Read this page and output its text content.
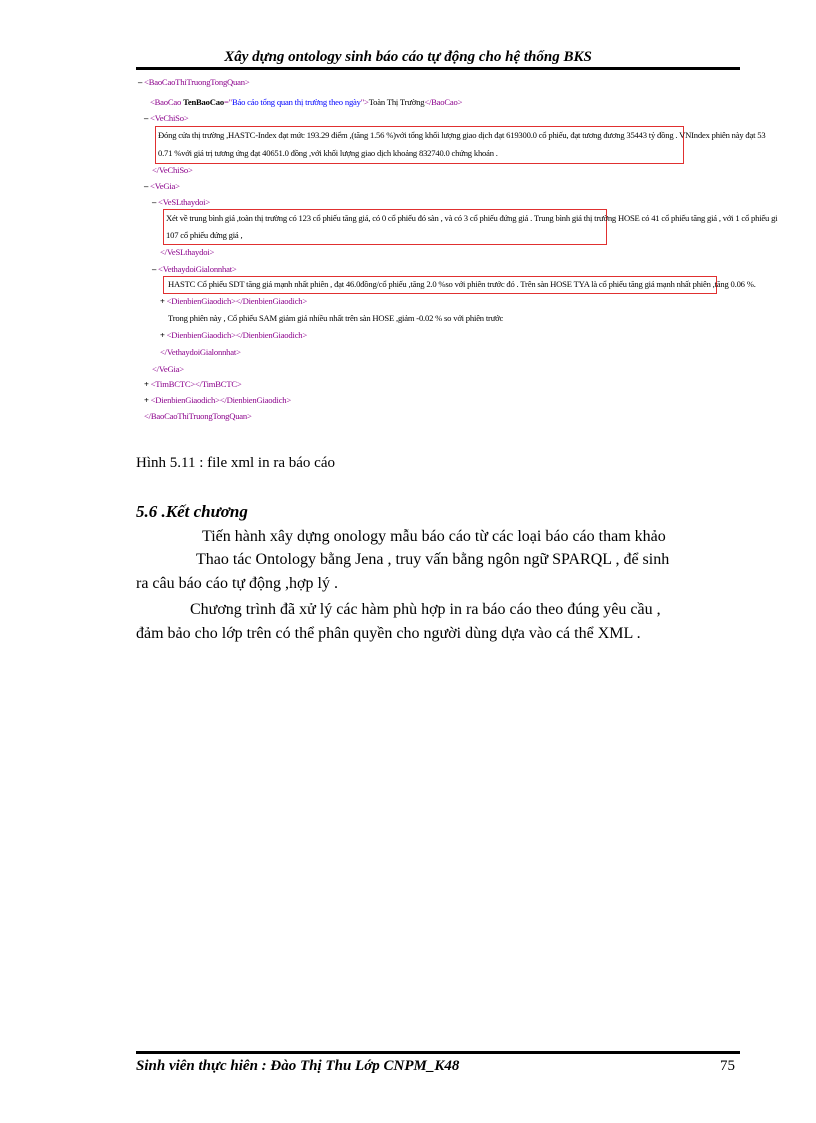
Xây dựng ontology sinh báo cáo tự động cho hệ thống BKS
– <BaoCaoThiTruongTongQuan>
<BaoCao TenBaoCao="Báo cáo tổng quan thị trường theo ngày">Toàn Thị Trường</BaoCao>
– <VeChiSo>
Đóng cửa thị trường ,HASTC-Index đạt mức 193.29 điểm ,(tăng 1.56 %)với tổng khối lượng giao dịch đạt 619300.0 cổ phiếu, đạt tương đương 35443 tỷ đồng . VNIndex phiên này đạt 53
0.71 %với giá trị tương ứng đạt 40651.0 đồng ,với khối lượng giao dịch khoảng 832740.0 chứng khoán .
</VeChiSo>
– <VeGia>
– <VeSLthaydoi>
Xét về trung bình giá ,toàn thị trường có 123 cổ phiếu tăng giá, có 0 cổ phiếu đó sàn , và có 3 cổ phiếu đứng giá . Trung bình giá thị trường HOSE có 41 cổ phiếu tăng giá , với 1 cổ phiếu gi
107 cổ phiếu đứng giá ,
</VeSLthaydoi>
– <VethaydoiGialonnhat>
HASTC Cổ phiếu SDT tăng giá mạnh nhất phiên , đạt 46.0đồng/cổ phiếu ,tăng 2.0 %so với phiên trước đó . Trên sàn HOSE TYA là cổ phiếu tăng giá mạnh nhất phiên ,tăng 0.06 %.
+ <DienbienGiaodich></DienbienGiaodich>
Trong phiên này , Cổ phiếu SAM giảm giá nhiều nhất trên sàn HOSE ,giảm -0.02 % so với phiên trước
+ <DienbienGiaodich></DienbienGiaodich>
</VethaydoiGialonnhat>
</VeGia>
+ <TimBCTC></TimBCTC>
+ <DienbienGiaodich></DienbienGiaodich>
</BaoCaoThiTruongTongQuan>
Hình 5.11 : file xml in ra báo cáo
5.6 .Kết chương
Tiến hành xây dựng onology mẫu báo cáo từ các loại báo cáo tham khảo
Thao tác Ontology bằng Jena , truy vấn bằng ngôn ngữ SPARQL , để sinh
ra câu báo cáo tự động ,hợp lý .
Chương trình đã xử lý các hàm phù hợp in ra báo cáo theo đúng yêu cầu ,
đảm bảo cho lớp trên có thể phân quyền cho người dùng dựa vào cá thể XML .
Sinh viên thực hiên : Đào Thị Thu Lớp CNPM_K48	75
